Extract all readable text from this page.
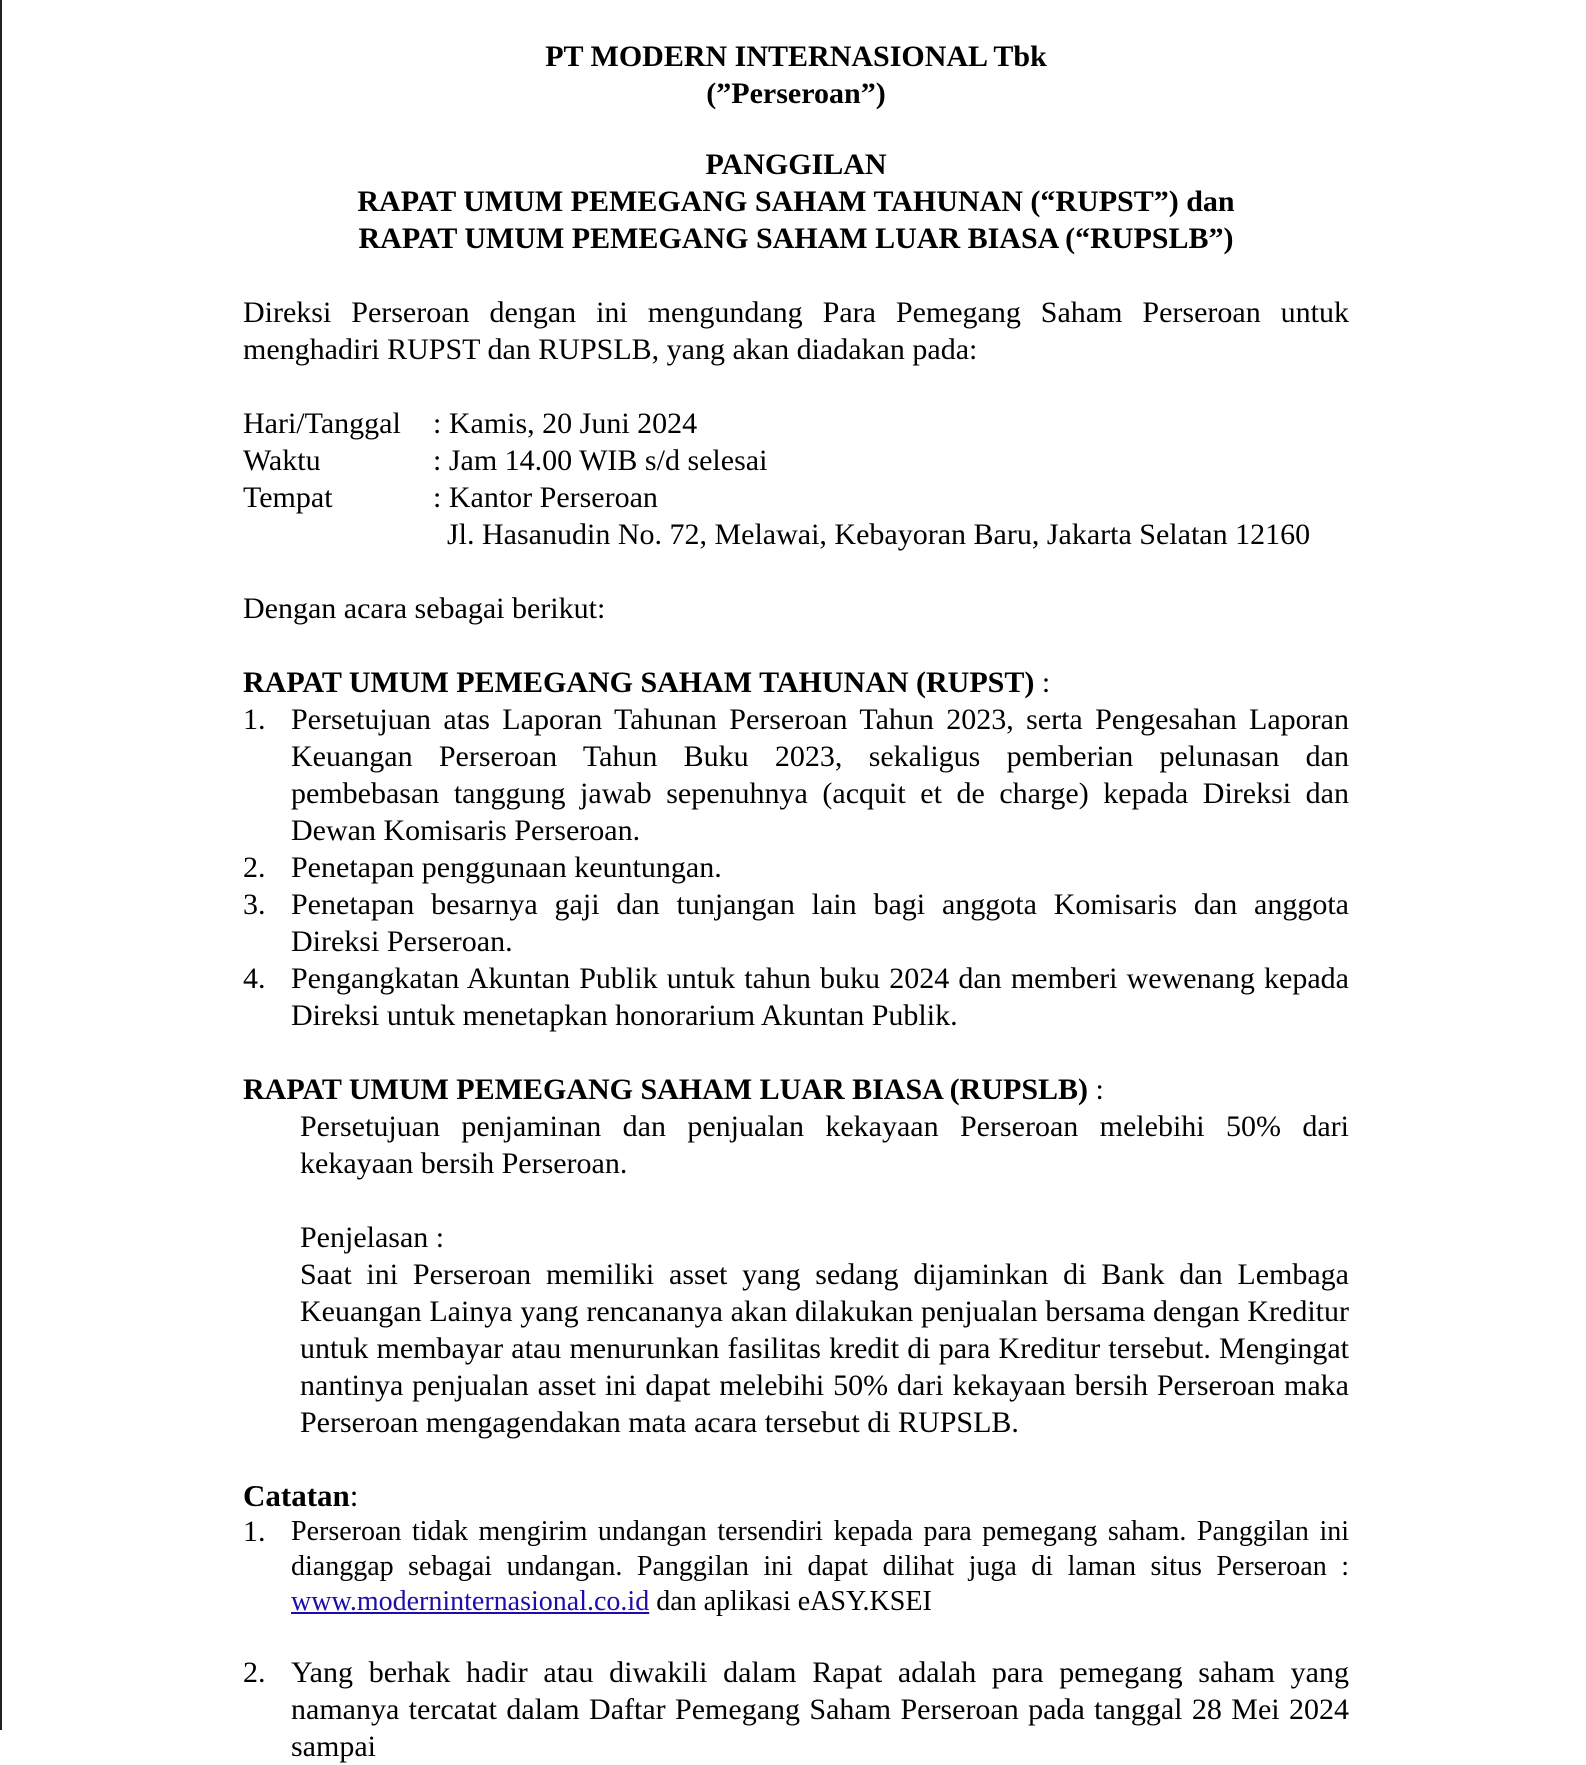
PT MODERN INTERNASIONAL Tbk
(”Perseroan”)
PANGGILAN
RAPAT UMUM PEMEGANG SAHAM TAHUNAN (“RUPST”) dan
RAPAT UMUM PEMEGANG SAHAM LUAR BIASA (“RUPSLB”)

Direksi Perseroan dengan ini mengundang Para Pemegang Saham Perseroan untuk menghadiri RUPST dan RUPSLB, yang akan diadakan pada:

Hari/Tanggal	: Kamis, 20 Juni 2024
Waktu	: Jam 14.00 WIB s/d selesai
Tempat	: Kantor Perseroan
	Jl. Hasanudin No. 72, Melawai, Kebayoran Baru, Jakarta Selatan 12160

Dengan acara sebagai berikut:

RAPAT UMUM PEMEGANG SAHAM TAHUNAN (RUPST) :
1. Persetujuan atas Laporan Tahunan Perseroan Tahun 2023, serta Pengesahan Laporan Keuangan Perseroan Tahun Buku 2023, sekaligus pemberian pelunasan dan pembebasan tanggung jawab sepenuhnya (acquit et de charge) kepada Direksi dan Dewan Komisaris Perseroan.
2. Penetapan penggunaan keuntungan.
3. Penetapan besarnya gaji dan tunjangan lain bagi anggota Komisaris dan anggota Direksi Perseroan.
4. Pengangkatan Akuntan Publik untuk tahun buku 2024 dan memberi wewenang kepada Direksi untuk menetapkan honorarium Akuntan Publik.
RAPAT UMUM PEMEGANG SAHAM LUAR BIASA (RUPSLB) :

Persetujuan penjaminan dan penjualan kekayaan Perseroan melebihi 50% dari kekayaan bersih Perseroan.

Penjelasan :

Saat ini Perseroan memiliki asset yang sedang dijaminkan di Bank dan Lembaga Keuangan Lainya yang rencananya akan dilakukan penjualan bersama dengan Kreditur untuk membayar atau menurunkan fasilitas kredit di para Kreditur tersebut. Mengingat nantinya penjualan asset ini dapat melebihi 50% dari kekayaan bersih Perseroan maka Perseroan mengagendakan mata acara tersebut di RUPSLB.

Catatan:
1. Perseroan tidak mengirim undangan tersendiri kepada para pemegang saham. Panggilan ini dianggap sebagai undangan. Panggilan ini dapat dilihat juga di laman situs Perseroan : www.moderninternasional.co.id dan aplikasi eASY.KSEI
2. Yang berhak hadir atau diwakili dalam Rapat adalah para pemegang saham yang namanya tercatat dalam Daftar Pemegang Saham Perseroan pada tanggal 28 Mei 2024 sampai
